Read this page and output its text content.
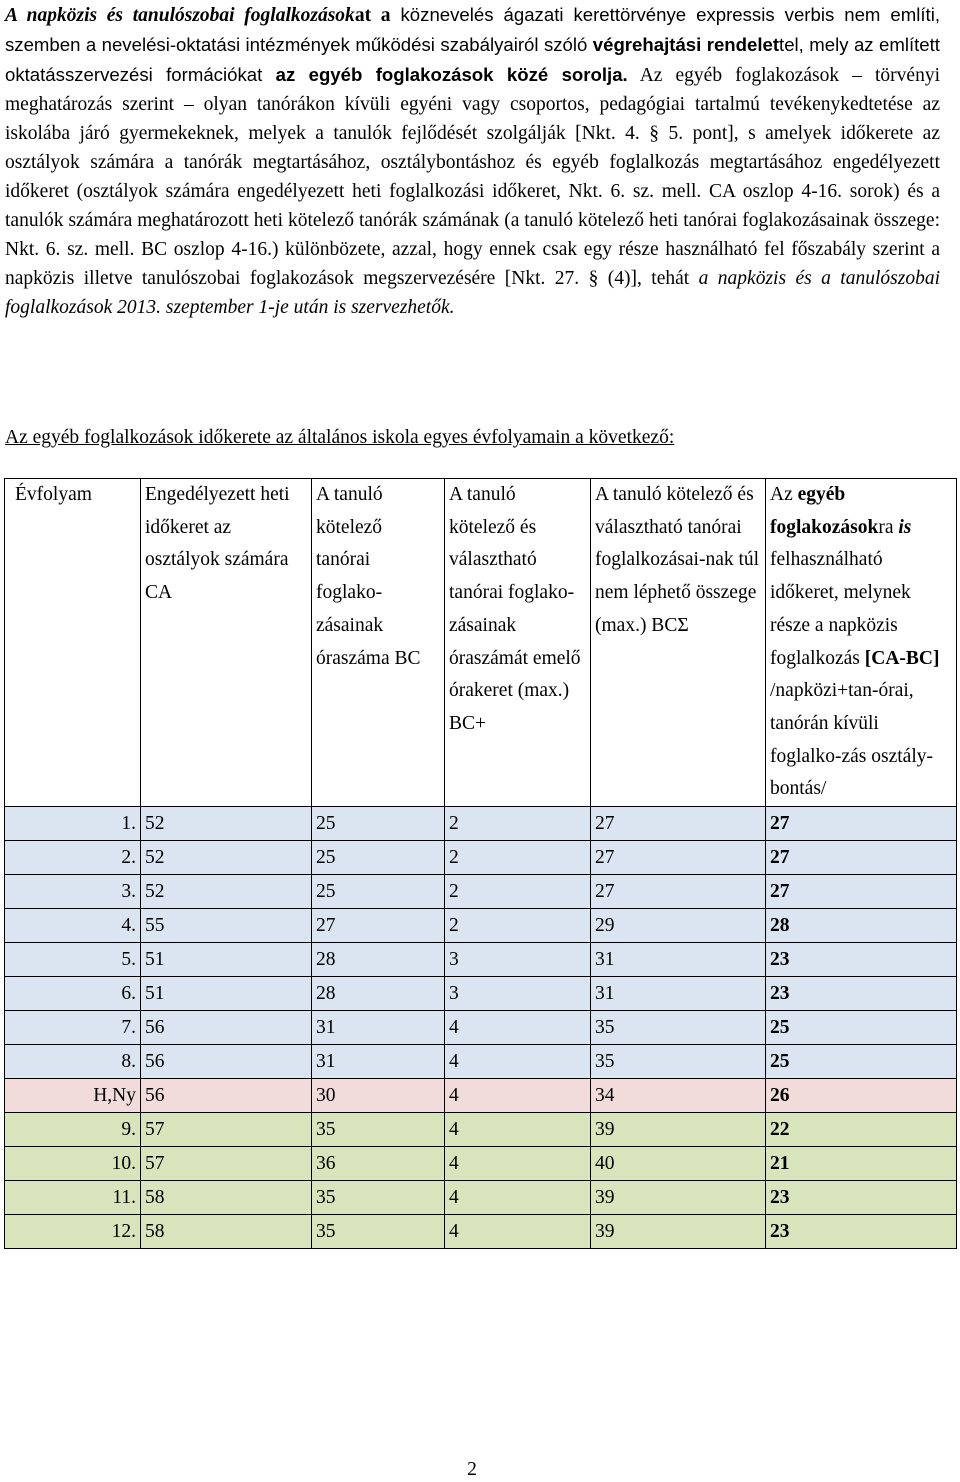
A napközis és tanulószobai foglalkozásokat a köznevelés ágazati kerettörvénye expressis verbis nem említi, szemben a nevelési-oktatási intézmények működési szabályairól szóló végrehajtási rendelettel, mely az említett oktatásszervezési formációkat az egyéb foglakozások közé sorolja. Az egyéb foglakozások – törvényi meghatározás szerint – olyan tanórákon kívüli egyéni vagy csoportos, pedagógiai tartalmú tevékenykedtetése az iskolába járó gyermekeknek, melyek a tanulók fejlődését szolgálják [Nkt. 4. § 5. pont], s amelyek időkerete az osztályok számára a tanórák megtartásához, osztálybontáshoz és egyéb foglalkozás megtartásához engedélyezett időkeret (osztályok számára engedélyezett heti foglalkozási időkeret, Nkt. 6. sz. mell. CA oszlop 4-16. sorok) és a tanulók számára meghatározott heti kötelező tanórák számának (a tanuló kötelező heti tanórai foglakozásainak összege: Nkt. 6. sz. mell. BC oszlop 4-16.) különbözete, azzal, hogy ennek csak egy része használható fel főszabály szerint a napközis illetve tanulószobai foglakozások megszervezésére [Nkt. 27. § (4)], tehát a napközis és a tanulószobai foglalkozások 2013. szeptember 1-je után is szervezhetők.
Az egyéb foglalkozások időkerete az általános iskola egyes évfolyamain a következő:
Évfolyam	Engedélyezett heti időkeret az osztályok számára CA	A tanuló kötelező tanórai foglako-zásainak óraszáma BC	A tanuló kötelező és választható tanórai foglako-zásainak óraszámát emelő órakeret (max.) BC+	A tanuló kötelező és választható tanórai foglalkozásai-nak túl nem léphető összege (max.) BCΣ	Az egyéb foglakozásokra is felhasználható időkeret, melynek része a napközis foglalkozás [CA-BC] /napközi+tan-órai, tanórán kívüli foglalko-zás osztály-bontás/
1.	52	25	2	27	27
2.	52	25	2	27	27
3.	52	25	2	27	27
4.	55	27	2	29	28
5.	51	28	3	31	23
6.	51	28	3	31	23
7.	56	31	4	35	25
8.	56	31	4	35	25
H,Ny	56	30	4	34	26
9.	57	35	4	39	22
10.	57	36	4	40	21
11.	58	35	4	39	23
12.	58	35	4	39	23
2
